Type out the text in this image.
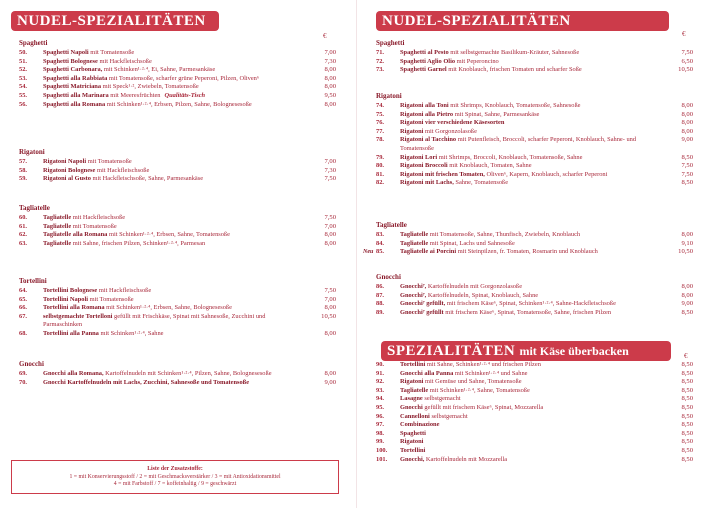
NUDEL-SPEZIALITÄTEN
€
Spaghetti
50.	Spaghetti Napoli mit Tomatensoße	7,00
51.	Spaghetti Bolognese mit Hackfleischsoße	7,30
52.	Spaghetti Carbonara, mit Schinken¹·²·⁴, Ei, Sahne, Parmesankäse	8,00
53.	Spaghetti alla Rabbiata mit Tomatensoße, scharfer grüne Peperoni, Pilzen, Oliven⁶	8,00
54.	Spaghetti Matriciana mit Speck¹·², Zwiebeln, Tomatensoße	8,00
55.	Spaghetti alla Marinara mit Meeresfrüchten Qualitäts-Tisch	9,50
56.	Spaghetti alla Romana mit Schinken¹·²·⁴, Erbsen, Pilzen, Sahne, Bolognesesoße	8,00
Rigatoni
57.	Rigatoni Napoli mit Tomatensoße	7,00
58.	Rigatoni Bolognese mit Hackfleischsoße	7,30
59.	Rigatoni al Gusto mit Hackfleischsoße, Sahne, Parmesankäse	7,50
Tagliatelle
60.	Tagliatelle mit Hackfleischsoße	7,50
61.	Tagliatelle mit Tomatensoße	7,00
62.	Tagliatelle alla Romana mit Schinken¹·²·⁴, Erbsen, Sahne, Tomatensoße	8,00
63.	Tagliatelle mit Sahne, frischen Pilzen, Schinken¹·²·⁴, Parmesan	8,00
Tortellini
64.	Tortellini Bolognese mit Hackfleischsoße	7,50
65.	Tortellini Napoli mit Tomatensoße	7,00
66.	Tortellini alla Romana mit Schinken¹·²·⁴, Erbsen, Sahne, Bolognesesoße	8,00
67.	selbstgemachte Tortelloni gefüllt mit Frischkäse, Spinat mit Sahnesoße, Zucchini und Parmaschinken
10,50
68.	Tortellini alla Panna mit Schinken¹·²·⁴, Sahne	8,00
Gnocchi
69.	Gnocchi alla Romana, Kartoffelnudeln mit Schinken¹·²·⁴, Pilzen, Sahne, Bolognesesoße	8,00
70.	Gnocchi Kartoffelnudeln mit Lachs, Zucchini, Sahnesoße und Tomatensoße	9,00
Liste der Zusatzstoffe:
1 = mit Konservierungsstoff / 2 = mit Geschmacksverstärker / 3 = mit Antioxidationsmittel
4 = mit Farbstoff / 7 = koffeinhaltig / 9 = geschwärzt
NUDEL-SPEZIALITÄTEN
€
Spaghetti
71.	Spaghetti al Pesto mit selbstgemachte Basilikum-Kräuter, Sahnesoße	7,50
72.	Spaghetti Aglio Olio mit Peperoncino	6,50
73.	Spaghetti Garnel mit Knoblauch, frischen Tomaten und scharfer Soße	10,50
Rigatoni
74.	Rigatoni alla Toni mit Shrimps, Knoblauch, Tomatensoße, Sahnesoße	8,00
75.	Rigatoni alla Pietro mit Spinat, Sahne, Parmesankäse	8,00
76.	Rigatoni vier verschiedene Käsesorten	8,00
77.	Rigatoni mit Gorgonzolasoße	8,00
78.	Rigatoni al Tacchino mit Putenfleisch, Broccoli, scharfer Peperoni, Knoblauch, Sahne- und Tomatensoße
9,00
79.	Rigatoni Lori mit Shrimps, Broccoli, Knoblauch, Tomatensoße, Sahne	8,50
80.	Rigatoni Broccoli mit Knoblauch, Tomaten, Sahne	7,50
81.	Rigatoni mit frischen Tomaten, Oliven⁶, Kapern, Knoblauch, scharfer Peperoni	7,50
82.	Rigatoni mit Lachs, Sahne, Tomatensoße	8,50
Tagliatelle
83.	Tagliatelle mit Tomatensoße, Sahne, Thunfisch, Zwiebeln, Knoblauch	8,00
84.	Tagliatelle mit Spinat, Lachs und Sahnesoße	9,10
Neu 85.	Tagliatelle ai Porcini mit Steinpilzen, fr. Tomaten, Rosmarin und Knoblauch	10,50
Gnocchi
86.	Gnocchi⁷, Kartoffelnudeln mit Gorgonzolasoße	8,00
87.	Gnocchi⁷, Kartoffelnudeln, Spinat, Knoblauch, Sahne	8,00
88.	Gnocchi⁷ gefüllt, mit frischem Käse⁶, Spinat, Schinken¹·²·⁴, Sahne-Hackfleischsoße	9,00
89.	Gnocchi⁷ gefüllt mit frischem Käse⁶, Spinat, Tomatensoße, Sahne, frischen Pilzen	8,50
SPEZIALITÄTEN mit Käse überbacken	€
90.	Tortellini mit Sahne, Schinken¹·²·⁴ und frischen Pilzen	8,50
91.	Gnocchi alla Panna mit Schinken¹·²·⁴ und Sahne	8,50
92.	Rigatoni mit Gemüse und Sahne, Tomatensoße	8,50
93.	Tagliatelle mit Schinken¹·²·⁴, Sahne, Tomatensoße	8,50
94.	Lasagne selbstgemacht	8,50
95.	Gnocchi gefüllt mit frischem Käse⁶, Spinat, Mozzarella	8,50
96.	Cannelloni selbstgemacht	8,50
97.	Combinazione	8,50
98.	Spaghetti	8,50
99.	Rigatoni	8,50
100. Tortellini	8,50
101. Gnocchi, Kartoffelnudeln mit Mozzarella	8,50
